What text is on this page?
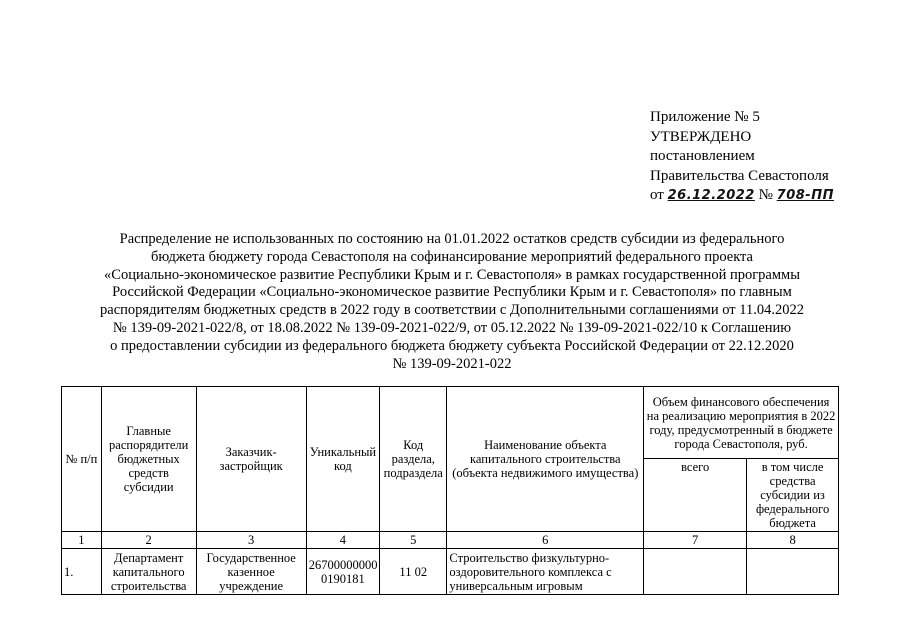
Приложение № 5
УТВЕРЖДЕНО
постановлением
Правительства Севастополя
от 26.12.2022 № 708-ПП
Распределение не использованных по состоянию на 01.01.2022 остатков средств субсидии из федерального
бюджета бюджету города Севастополя на софинансирование мероприятий федерального проекта
«Социально-экономическое развитие Республики Крым и г. Севастополя» в рамках государственной программы
Российской Федерации «Социально-экономическое развитие Республики Крым и г. Севастополя» по главным
распорядителям бюджетных средств в 2022 году в соответствии с Дополнительными соглашениями от 11.04.2022
№ 139-09-2021-022/8, от 18.08.2022 № 139-09-2021-022/9, от 05.12.2022 № 139-09-2021-022/10 к Соглашению
о предоставлении субсидии из федерального бюджета бюджету субъекта Российской Федерации от 22.12.2020
№ 139-09-2021-022
№ п/п	Главные распорядители бюджетных средств субсидии	Заказчик-застройщик	Уникальный код	Код раздела, подраздела	Наименование объекта капитального строительства (объекта недвижимого имущества)	Объем финансового обеспечения на реализацию мероприятия в 2022 году, предусмотренный в бюджете города Севастополя, руб.	
						всего	в том числе средства субсидии из федерального бюджета
1	2	3	4	5	6	7	8
1.	Департамент капитального строительства	Государственное казенное учреждение	26700000000 0190181	11 02	Строительство физкультурно-оздоровительного комплекса с универсальным игровым		
